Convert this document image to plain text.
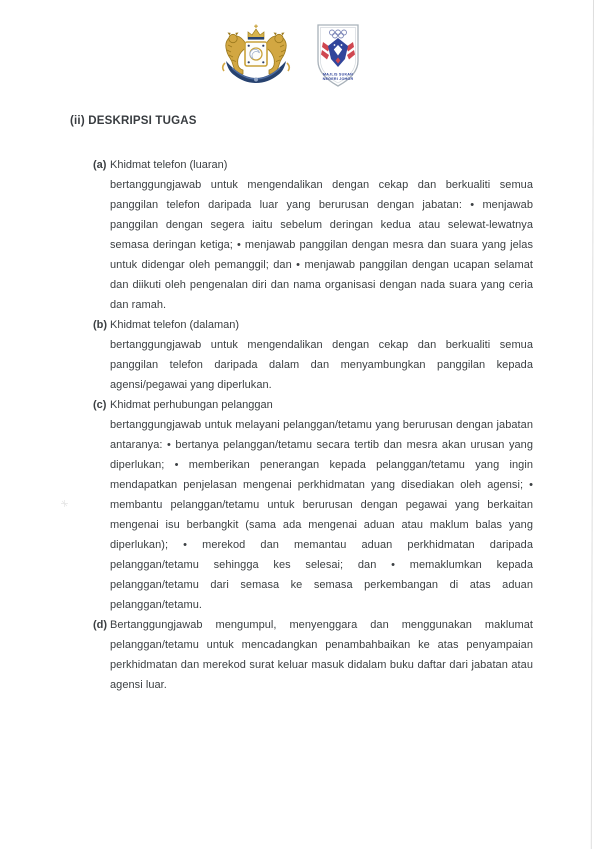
MAJLIS SUKAN
NEGERI JOHOR
(ii) DESKRIPSI TUGAS
(a) Khidmat telefon (luaran)

bertanggungjawab untuk mengendalikan dengan cekap dan berkualiti semua panggilan telefon daripada luar yang berurusan dengan jabatan: • menjawab panggilan dengan segera iaitu sebelum deringan kedua atau selewat-lewatnya semasa deringan ketiga; • menjawab panggilan dengan mesra dan suara yang jelas untuk didengar oleh pemanggil; dan • menjawab panggilan dengan ucapan selamat dan diikuti oleh pengenalan diri dan nama organisasi dengan nada suara yang ceria dan ramah.

(b) Khidmat telefon (dalaman)

bertanggungjawab untuk mengendalikan dengan cekap dan berkualiti semua panggilan telefon daripada dalam dan menyambungkan panggilan kepada agensi/pegawai yang diperlukan.

(c) Khidmat perhubungan pelanggan

bertanggungjawab untuk melayani pelanggan/tetamu yang berurusan dengan jabatan antaranya: • bertanya pelanggan/tetamu secara tertib dan mesra akan urusan yang diperlukan; • memberikan penerangan kepada pelanggan/tetamu yang ingin mendapatkan penjelasan mengenai perkhidmatan yang disediakan oleh agensi; • membantu pelanggan/tetamu untuk berurusan dengan pegawai yang berkaitan mengenai isu berbangkit (sama ada mengenai aduan atau maklum balas yang diperlukan); • merekod dan memantau aduan perkhidmatan daripada pelanggan/tetamu sehingga kes selesai; dan • memaklumkan kepada pelanggan/tetamu dari semasa ke semasa perkembangan di atas aduan pelanggan/tetamu.

(d) Bertanggungjawab mengumpul, menyenggara dan menggunakan maklumat pelanggan/tetamu untuk mencadangkan penambahbaikan ke atas penyampaian perkhidmatan dan merekod surat keluar masuk didalam buku daftar dari jabatan atau agensi luar.
